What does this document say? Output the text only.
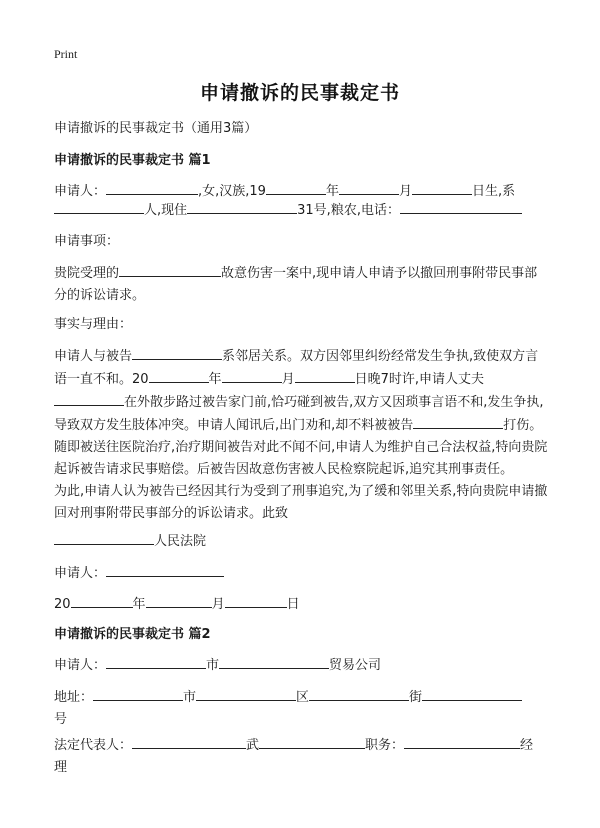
Print
申请撤诉的民事裁定书
申请撤诉的民事裁定书（通用3篇）
申请撤诉的民事裁定书 篇1
申请人：	,女,汉族,19	年	月	日生,系
人,现住	31号,粮农,电话：
申请事项：
贵院受理的	故意伤害一案中,现申请人申请予以撤回刑事附带民事部分的诉讼请求。
事实与理由：
申请人与被告	系邻居关系。双方因邻里纠纷经常发生争执,致使双方言语一直不和。20	年	月	日晚7时许,申请人丈夫在外散步路过被告家门前,恰巧碰到被告,双方又因琐事言语不和,发生争执,导致双方发生肢体冲突。申请人闻讯后,出门劝和,却不料被被告	打伤。随即被送往医院治疗,治疗期间被告对此不闻不问,申请人为维护自己合法权益,特向贵院起诉被告请求民事赔偿。后被告因故意伤害被人民检察院起诉,追究其刑事责任。
为此,申请人认为被告已经因其行为受到了刑事追究,为了缓和邻里关系,特向贵院申请撤回对刑事附带民事部分的诉讼请求。此致
人民法院
申请人：
20	年	月	日
申请撤诉的民事裁定书 篇2
申请人：	市	贸易公司
地址：	市	区	街
号
法定代表人：	武	职务：	经
理
